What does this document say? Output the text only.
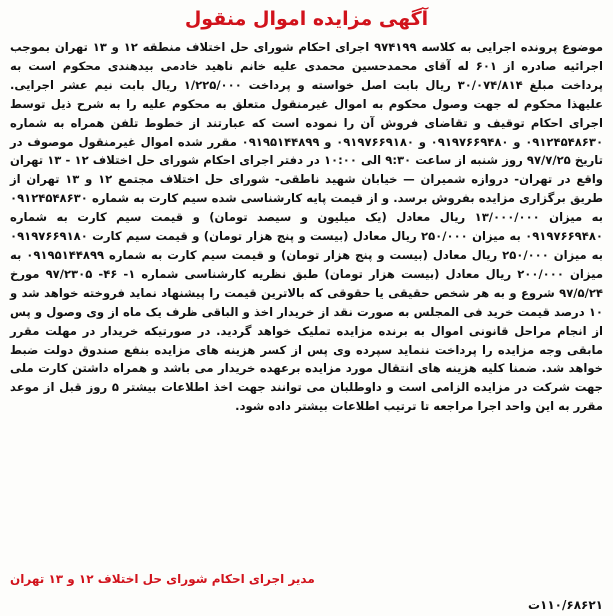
آگهی مزایده اموال منقول

موضوع پرونده اجرایی به کلاسه ۹۷۴۱۹۹ اجرای احکام شورای حل اختلاف منطقه ۱۲ و ۱۳ تهران بموجب اجرائیه صادره از ۶۰۱ له آقای محمدحسین محمدی علیه خانم ناهید خادمی بیدهندی محکوم است به پرداخت مبلغ ۳۰/۰۷۴/۸۱۴ ریال بابت اصل خواسته و پرداخت ۱/۲۲۵/۰۰۰ ریال بابت نیم عشر اجرایی. علیهذا محکوم له جهت وصول محکوم به اموال غیرمنقول متعلق به محکوم علیه را به شرح ذیل توسط اجرای احکام توقیف و تقاضای فروش آن را نموده است که عبارتند از خطوط تلفن همراه به شماره ۰۹۱۲۴۵۴۸۶۳۰ و ۰۹۱۹۷۶۶۹۴۸۰ و ۰۹۱۹۷۶۶۹۱۸۰ و ۰۹۱۹۵۱۴۴۸۹۹ مقرر شده اموال غیرمنقول موصوف در تاریخ ۹۷/۷/۲۵ روز شنبه از ساعت ۹:۳۰ الی ۱۰:۰۰ در دفتر اجرای احکام شورای حل اختلاف ۱۲ - ۱۳ تهران واقع در تهران- دروازه شمیران — خیابان شهید ناطقی- شورای حل اختلاف مجتمع ۱۲ و ۱۳ تهران از طریق برگزاری مزایده بفروش برسد. و از قیمت پایه کارشناسی شده سیم کارت به شماره ۰۹۱۲۴۵۴۸۶۳۰ به میزان ۱۳/۰۰۰/۰۰۰ ریال معادل (یک میلیون و سیصد تومان) و قیمت سیم کارت به شماره ۰۹۱۹۷۶۶۹۴۸۰ به میزان ۲۵۰/۰۰۰ ریال معادل (بیست و پنج هزار تومان) و قیمت سیم کارت ۰۹۱۹۷۶۶۹۱۸۰ به میزان ۲۵۰/۰۰۰ ریال معادل (بیست و پنج هزار تومان) و قیمت سیم کارت به شماره ۰۹۱۹۵۱۴۴۸۹۹ به میزان ۲۰۰/۰۰۰ ریال معادل (بیست هزار تومان) طبق نظریه کارشناسی شماره ۱- ۴۶- ۹۷/۲۳۰۵ مورخ ۹۷/۵/۲۴ شروع و به هر شخص حقیقی یا حقوقی که بالاترین قیمت را پیشنهاد نماید فروخته خواهد شد و ۱۰ درصد قیمت خرید فی المجلس به صورت نقد از خریدار اخذ و الباقی ظرف یک ماه از وی وصول و پس از انجام مراحل قانونی اموال به برنده مزایده تملیک خواهد گردید. در صورتیکه خریدار در مهلت مقرر مابقی وجه مزایده را پرداخت ننماید سپرده وی پس از کسر هزینه های مزایده بنفع صندوق دولت ضبط خواهد شد. ضمنا کلیه هزینه های انتقال مورد مزایده برعهده خریدار می باشد و همراه داشتن کارت ملی جهت شرکت در مزایده الزامی است و داوطلبان می توانند جهت اخذ اطلاعات بیشتر ۵ روز قبل از موعد مقرر به این واحد اجرا مراجعه تا ترتیب اطلاعات بیشتر داده شود.

مدیر اجرای احکام شورای حل اختلاف ۱۲ و ۱۳ تهران
۱۱۰/۶۸۶۲۱ت
